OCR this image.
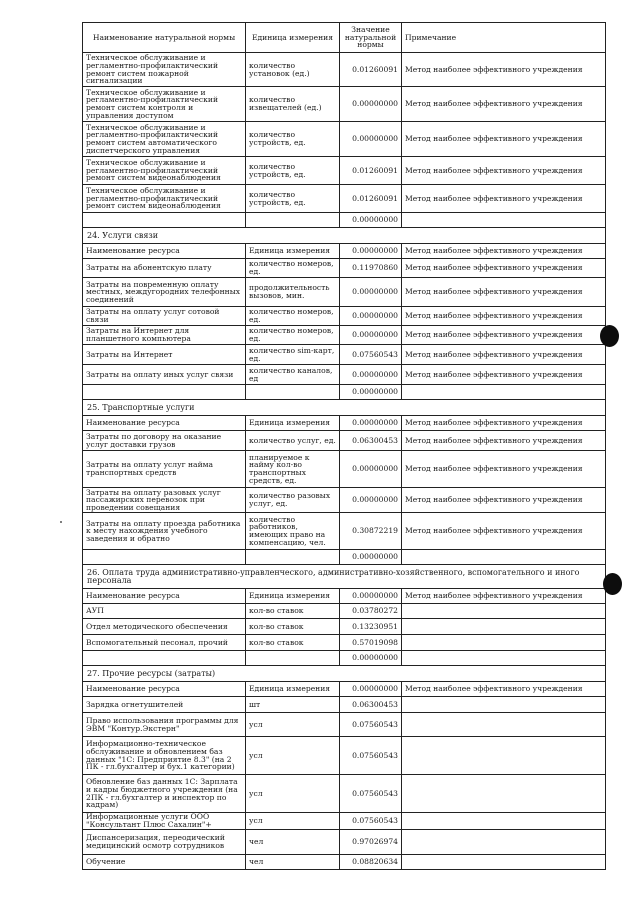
Наименование натуральной нормы	Единица измерения	Значение натуральной нормы	Примечание
Техническое обслуживание и регламентно-профилактический ремонт систем пожарной сигнализации	количество установок (ед.)	0.01260091	Метод наиболее эффективного учреждения
Техническое обслуживание и регламентно-профилактический ремонт систем контроля и управления доступом	количество извещателей (ед.)	0.00000000	Метод наиболее эффективного учреждения
Техническое обслуживание и регламентно-профилактический ремонт систем автоматического диспетчерского управления	количество устройств, ед.	0.00000000	Метод наиболее эффективного учреждения
Техническое обслуживание и регламентно-профилактический ремонт систем видеонаблюдения	количество устройств, ед.	0.01260091	Метод наиболее эффективного учреждения
Техническое обслуживание и регламентно-профилактический ремонт систем видеонаблюдения	количество устройств, ед.	0.01260091	Метод наиболее эффективного учреждения
		0.00000000	
24. Услуги связи			
Наименование ресурса	Единица измерения	0.00000000	Метод наиболее эффективного учреждения
Затраты на абонентскую плату	количество номеров, ед.	0.11970860	Метод наиболее эффективного учреждения
Затраты на повременную оплату местных, междугородних телефонных соединений	продолжительность вызовов, мин.	0.00000000	Метод наиболее эффективного учреждения
Затраты на оплату услуг сотовой связи	количество номеров, ед.	0.00000000	Метод наиболее эффективного учреждения
Затраты на Интернет для планшетного компьютера	количество номеров, ед.	0.00000000	Метод наиболее эффективного учреждения
Затраты на Интернет	количество sim-карт, ед.	0.07560543	Метод наиболее эффективного учреждения
Затраты на оплату иных услуг связи	количество каналов, ед	0.00000000	Метод наиболее эффективного учреждения
		0.00000000	
25. Транспортные услуги			
Наименование ресурса	Единица измерения	0.00000000	Метод наиболее эффективного учреждения
Затраты по договору на оказание услуг доставки грузов	количество услуг, ед.	0.06300453	Метод наиболее эффективного учреждения
Затраты на оплату услуг найма транспортных средств	планируемое к найму кол-во транспортных средств, ед.	0.00000000	Метод наиболее эффективного учреждения
Затраты на оплату разовых услуг пассажирских перевозок при проведении совещания	количество разовых услуг, ед.	0.00000000	Метод наиболее эффективного учреждения
Затраты на оплату проезда работника к месту нахождения учебного заведения и обратно	количество работников, имеющих право на компенсацию, чел.	0.30872219	Метод наиболее эффективного учреждения
		0.00000000	
26. Оплата труда административно-управленческого, административно-хозяйственного, вспомогательного и иного персонала			
Наименование ресурса	Единица измерения	0.00000000	Метод наиболее эффективного учреждения
АУП	кол-во ставок	0.03780272	
Отдел методического обеспечения	кол-во ставок	0.13230951	
Вспомогательный песонал, прочий	кол-во ставок	0.57019098	
		0.00000000	
27. Прочие ресурсы (затраты)			
Наименование ресурса	Единица измерения	0.00000000	Метод наиболее эффективного учреждения
Зарядка огнетушителей	шт	0.06300453	
Право использования программы для ЭВМ "Контур.Экстерн"	усл	0.07560543	
Информационно-техническое обслуживание и обновлением баз данных "1С: Предприятие 8.3" (на 2 ПК - гл.бухгалтер и бух.1 категории)	усл	0.07560543	
Обновление баз данных 1С: Зарплата и кадры бюджетного учреждения (на 2ПК - гл.бухгалтер и инспектор по кадрам)	усл	0.07560543	
Информационные услуги ООО "Консультант Плюс Сахалин"+	усл	0.07560543	
Диспансеризация, переодический медицинский осмотр сотрудников	чел	0.97026974	
Обучение	чел	0.08820634	
